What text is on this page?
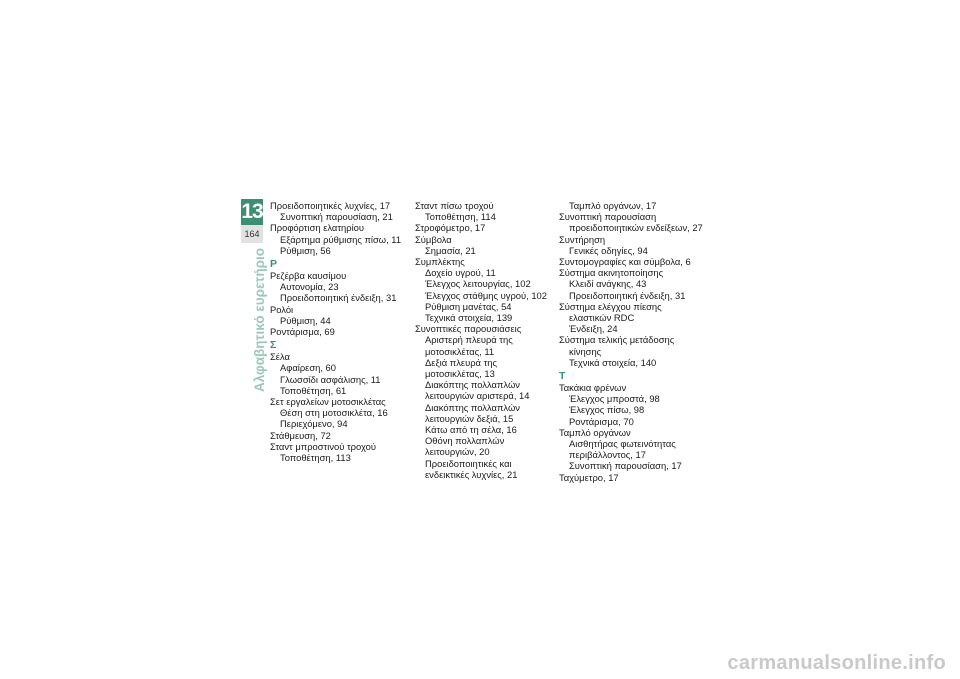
13
164
Αλφαβητικό ευρετήριο
Προειδοποιητικές λυχνίες, 17
Συνοπτική παρουσίαση, 21
Προφόρτιση ελατηρίου
Εξάρτημα ρύθμισης πίσω, 11
Ρύθμιση, 56
Ρ
Ρεζέρβα καυσίμου
Αυτονομία, 23
Προειδοποιητική ένδειξη, 31
Ρολόι
Ρύθμιση, 44
Ροντάρισμα, 69
Σ
Σέλα
Αφαίρεση, 60
Γλωσσίδι ασφάλισης, 11
Τοποθέτηση, 61
Σετ εργαλείων μοτοσικλέτας
Θέση στη μοτοσικλέτα, 16
Περιεχόμενο, 94
Στάθμευση, 72
Σταντ μπροστινού τροχού
Τοποθέτηση, 113
Σταντ πίσω τροχού
Τοποθέτηση, 114
Στροφόμετρο, 17
Σύμβολα
Σημασία, 21
Συμπλέκτης
Δοχείο υγρού, 11
Έλεγχος λειτουργίας, 102
Έλεγχος στάθμης υγρού, 102
Ρύθμιση μανέτας, 54
Τεχνικά στοιχεία, 139
Συνοπτικές παρουσιάσεις
Αριστερή πλευρά της
μοτοσικλέτας, 11
Δεξιά πλευρά της
μοτοσικλέτας, 13
Διακόπτης πολλαπλών
λειτουργιών αριστερά, 14
Διακόπτης πολλαπλών
λειτουργιών δεξιά, 15
Κάτω από τη σέλα, 16
Οθόνη πολλαπλών
λειτουργιών, 20
Προειδοποιητικές και
ενδεικτικές λυχνίες, 21
Ταμπλό οργάνων, 17
Συνοπτική παρουσίαση
προειδοποιητικών ενδείξεων, 27
Συντήρηση
Γενικές οδηγίες, 94
Συντομογραφίες και σύμβολα, 6
Σύστημα ακινητοποίησης
Κλειδί ανάγκης, 43
Προειδοποιητική ένδειξη, 31
Σύστημα ελέγχου πίεσης
ελαστικών RDC
Ένδειξη, 24
Σύστημα τελικής μετάδοσης
κίνησης
Τεχνικά στοιχεία, 140
Τ
Τακάκια φρένων
Έλεγχος μπροστά, 98
Έλεγχος πίσω, 98
Ροντάρισμα, 70
Ταμπλό οργάνων
Αισθητήρας φωτεινότητας
περιβάλλοντος, 17
Συνοπτική παρουσίαση, 17
Ταχύμετρο, 17
carmanualsonline.info
